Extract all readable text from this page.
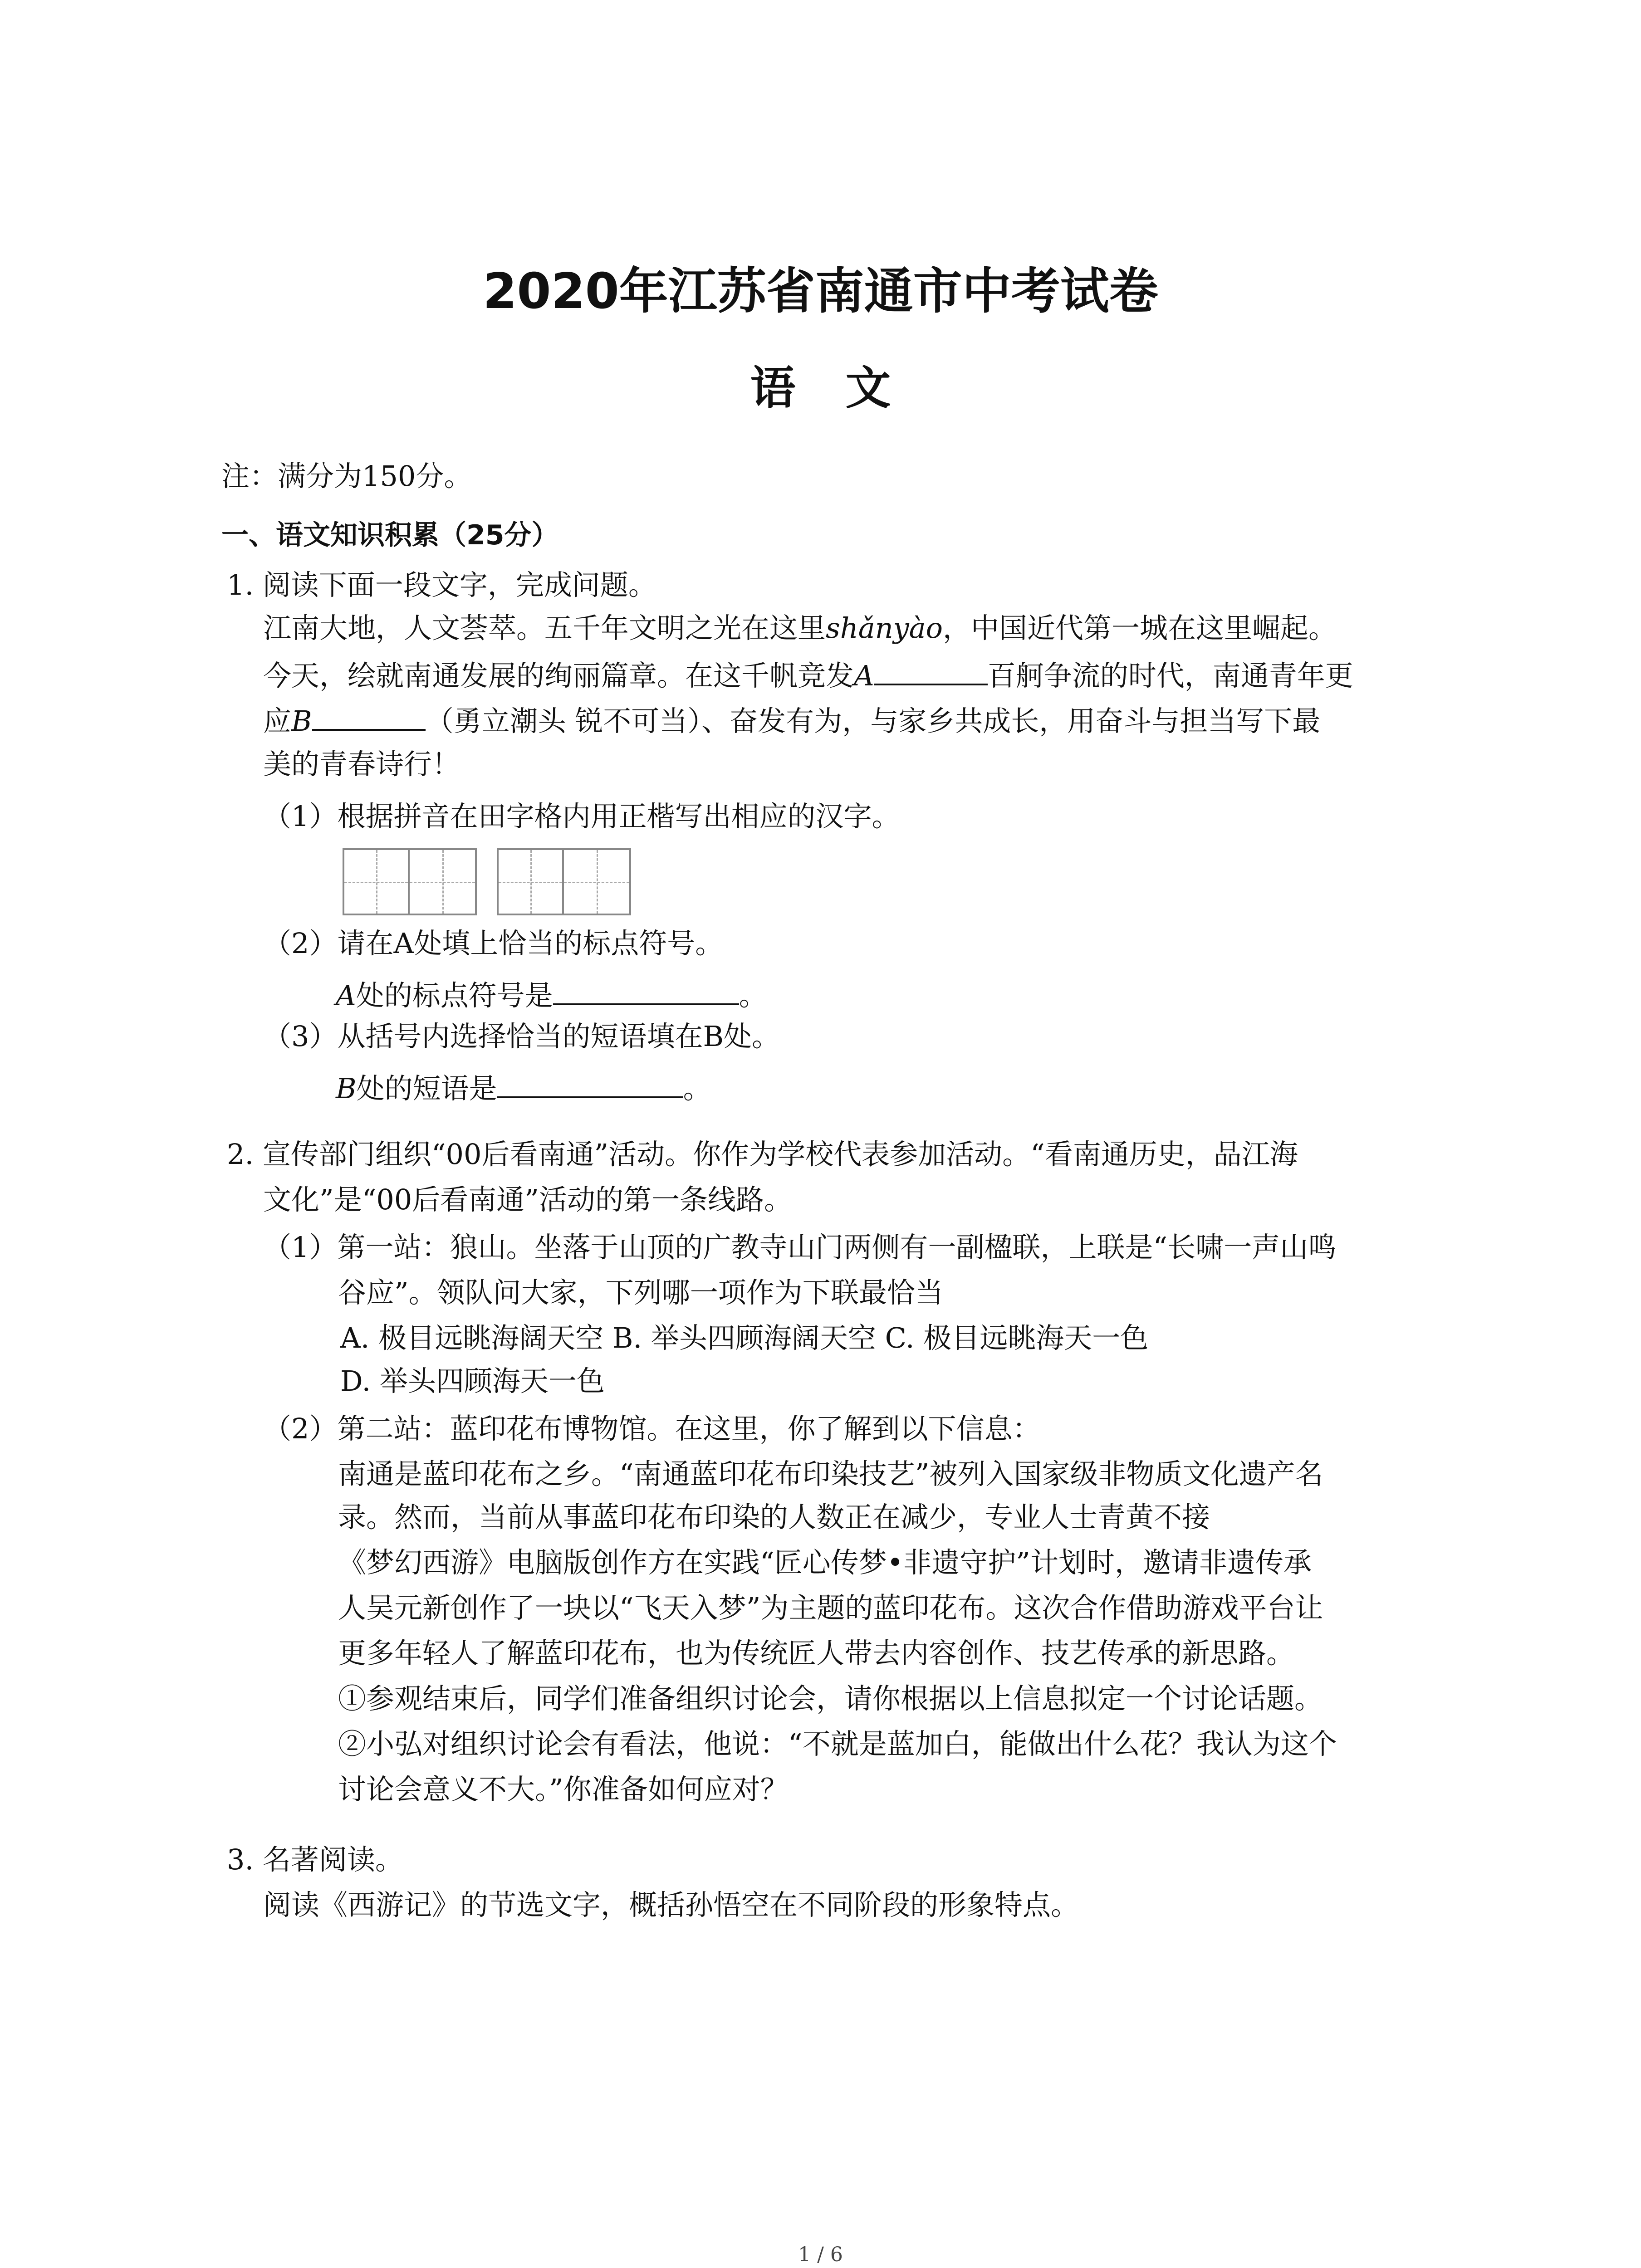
2020年江苏省南通市中考试卷
语文
注：满分为150分。
一、语文知识积累（25分）
1. 阅读下面一段文字，完成问题。
江南大地，人文荟萃。五千年文明之光在这里shǎnyào，中国近代第一城在这里崛起。
今天，绘就南通发展的绚丽篇章。在这千帆竞发A	百舸争流的时代，南通青年更
应B	（勇立潮头 锐不可当）、奋发有为，与家乡共成长，用奋斗与担当写下最
美的青春诗行！
（1）根据拼音在田字格内用正楷写出相应的汉字。
（2）请在A处填上恰当的标点符号。
A处的标点符号是	。
（3）从括号内选择恰当的短语填在B处。
B处的短语是	。
2. 宣传部门组织“00后看南通”活动。你作为学校代表参加活动。“看南通历史，品江海
文化”是“00后看南通”活动的第一条线路。
（1）第一站：狼山。坐落于山顶的广教寺山门两侧有一副楹联，上联是“长啸一声山鸣
谷应”。领队问大家，下列哪一项作为下联最恰当
A. 极目远眺海阔天空 B. 举头四顾海阔天空 C. 极目远眺海天一色
D. 举头四顾海天一色
（2）第二站：蓝印花布博物馆。在这里，你了解到以下信息：
南通是蓝印花布之乡。“南通蓝印花布印染技艺”被列入国家级非物质文化遗产名
录。然而，当前从事蓝印花布印染的人数正在减少，专业人士青黄不接
《梦幻西游》电脑版创作方在实践“匠心传梦•非遗守护”计划时，邀请非遗传承
人吴元新创作了一块以“飞天入梦”为主题的蓝印花布。这次合作借助游戏平台让
更多年轻人了解蓝印花布，也为传统匠人带去内容创作、技艺传承的新思路。
①参观结束后，同学们准备组织讨论会，请你根据以上信息拟定一个讨论话题。
②小弘对组织讨论会有看法，他说：“不就是蓝加白，能做出什么花？我认为这个
讨论会意义不大。”你准备如何应对？
3. 名著阅读。
阅读《西游记》的节选文字，概括孙悟空在不同阶段的形象特点。
1 / 6
